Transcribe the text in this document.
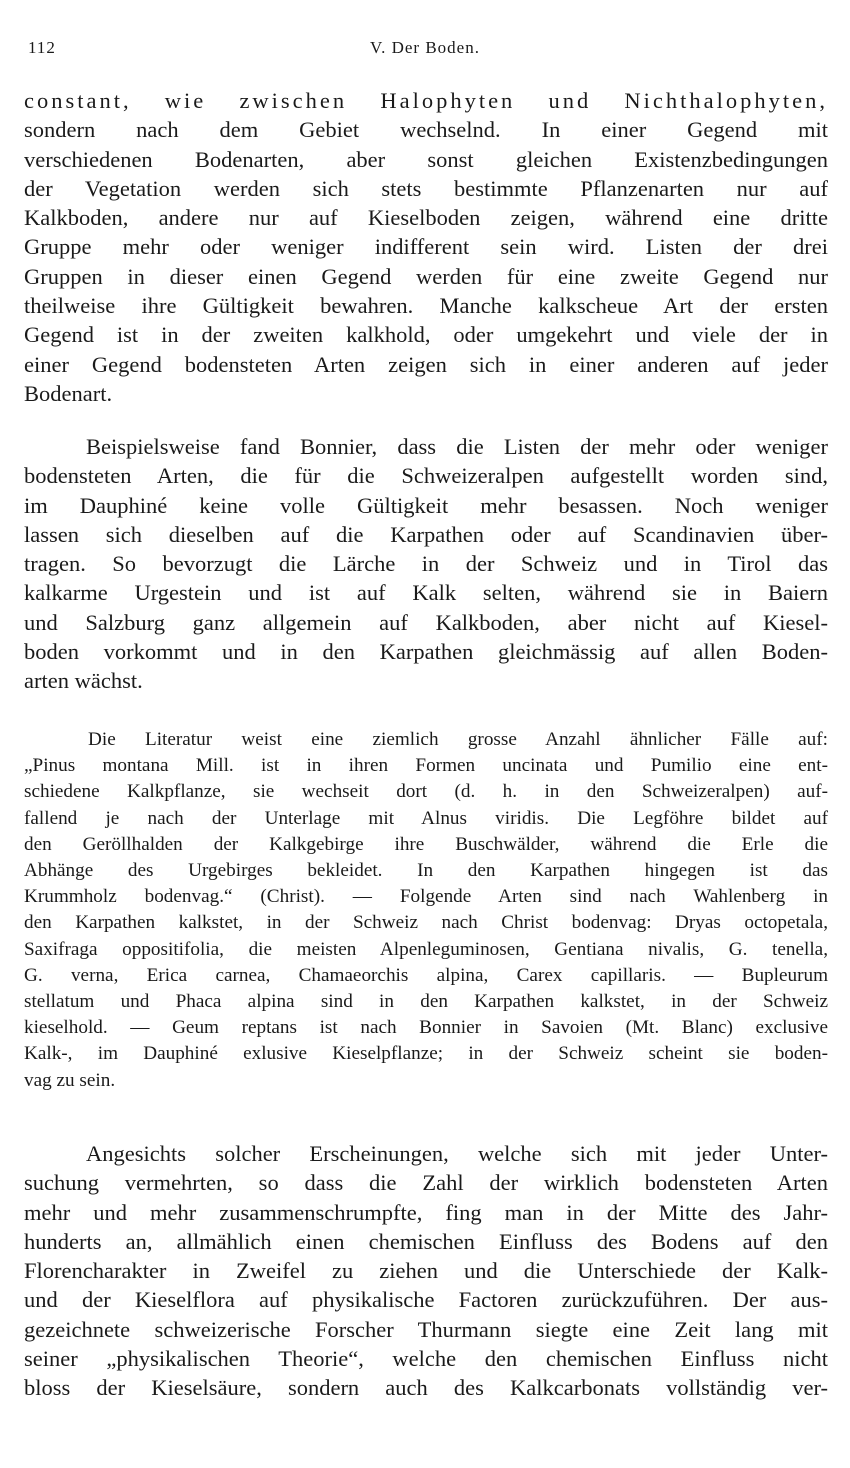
112	V. Der Boden.
constant, wie zwischen Halophyten und Nichthalophyten,
sondern nach dem Gebiet wechselnd. In einer Gegend mit
verschiedenen Bodenarten, aber sonst gleichen Existenzbedingungen
der Vegetation werden sich stets bestimmte Pflanzenarten nur auf
Kalkboden, andere nur auf Kieselboden zeigen, während eine dritte
Gruppe mehr oder weniger indifferent sein wird. Listen der drei
Gruppen in dieser einen Gegend werden für eine zweite Gegend nur
theilweise ihre Gültigkeit bewahren. Manche kalkscheue Art der ersten
Gegend ist in der zweiten kalkhold, oder umgekehrt und viele der in
einer Gegend bodensteten Arten zeigen sich in einer anderen auf jeder
Bodenart.
Beispielsweise fand Bonnier, dass die Listen der mehr oder weniger
bodensteten Arten, die für die Schweizeralpen aufgestellt worden sind,
im Dauphiné keine volle Gültigkeit mehr besassen. Noch weniger
lassen sich dieselben auf die Karpathen oder auf Scandinavien über-
tragen. So bevorzugt die Lärche in der Schweiz und in Tirol das
kalkarme Urgestein und ist auf Kalk selten, während sie in Baiern
und Salzburg ganz allgemein auf Kalkboden, aber nicht auf Kiesel-
boden vorkommt und in den Karpathen gleichmässig auf allen Boden-
arten wächst.
Die Literatur weist eine ziemlich grosse Anzahl ähnlicher Fälle auf:
„Pinus montana Mill. ist in ihren Formen uncinata und Pumilio eine ent-
schiedene Kalkpflanze, sie wechseit dort (d. h. in den Schweizeralpen) auf-
fallend je nach der Unterlage mit Alnus viridis. Die Legföhre bildet auf
den Geröllhalden der Kalkgebirge ihre Buschwälder, während die Erle die
Abhänge des Urgebirges bekleidet. In den Karpathen hingegen ist das
Krummholz bodenvag.“ (Christ). — Folgende Arten sind nach Wahlenberg in
den Karpathen kalkstet, in der Schweiz nach Christ bodenvag: Dryas octopetala,
Saxifraga oppositifolia, die meisten Alpenleguminosen, Gentiana nivalis, G. tenella,
G. verna, Erica carnea, Chamaeorchis alpina, Carex capillaris. — Bupleurum
stellatum und Phaca alpina sind in den Karpathen kalkstet, in der Schweiz
kieselhold. — Geum reptans ist nach Bonnier in Savoien (Mt. Blanc) exclusive
Kalk-, im Dauphiné exlusive Kieselpflanze; in der Schweiz scheint sie boden-
vag zu sein.
Angesichts solcher Erscheinungen, welche sich mit jeder Unter-
suchung vermehrten, so dass die Zahl der wirklich bodensteten Arten
mehr und mehr zusammenschrumpfte, fing man in der Mitte des Jahr-
hunderts an, allmählich einen chemischen Einfluss des Bodens auf den
Florencharakter in Zweifel zu ziehen und die Unterschiede der Kalk-
und der Kieselflora auf physikalische Factoren zurückzuführen. Der aus-
gezeichnete schweizerische Forscher Thurmann siegte eine Zeit lang mit
seiner „physikalischen Theorie“, welche den chemischen Einfluss nicht
bloss der Kieselsäure, sondern auch des Kalkcarbonats vollständig ver-
